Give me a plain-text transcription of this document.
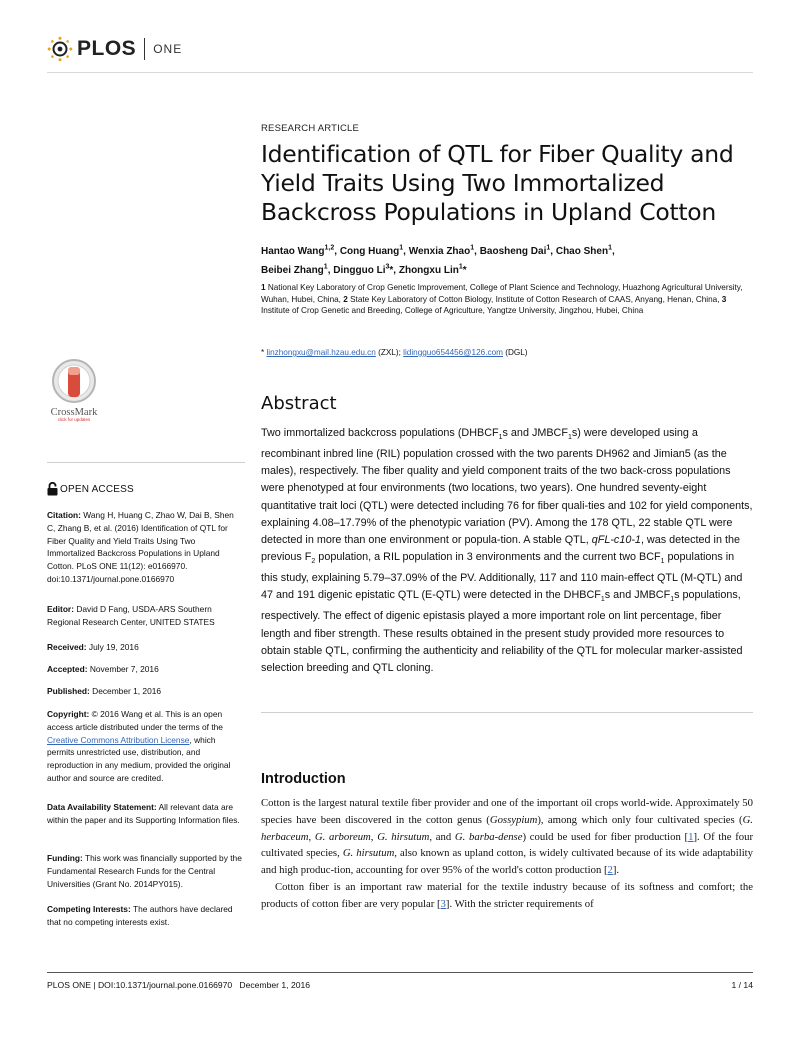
PLOS ONE
RESEARCH ARTICLE
Identification of QTL for Fiber Quality and Yield Traits Using Two Immortalized Backcross Populations in Upland Cotton
Hantao Wang$^{1,2}$, Cong Huang$^1$, Wenxia Zhao$^1$, Baosheng Dai$^1$, Chao Shen$^1$,
Beibei Zhang$^1$, Dingguo Li$^3$*, Zhongxu Lin$^1$*
1 National Key Laboratory of Crop Genetic Improvement, College of Plant Science and Technology, Huazhong Agricultural University, Wuhan, Hubei, China, 2 State Key Laboratory of Cotton Biology, Institute of Cotton Research of CAAS, Anyang, Henan, China, 3 Institute of Crop Genetic and Breeding, College of Agriculture, Yangtze University, Jingzhou, Hubei, China
* linzhongxu@mail.hzau.edu.cn (ZXL); lidingguo654456@126.com (DGL)
Abstract
Two immortalized backcross populations ($DHBCF_1s$ and $JMBCF_1s$) were developed using a recombinant inbred line (RIL) population crossed with the two parents DH962 and Jimian5 (as the males), respectively. The fiber quality and yield component traits of the two back-cross populations were phenotyped at four environments (two locations, two years). One hundred seventy-eight quantitative trait loci (QTL) were detected including 76 for fiber quali-ties and 102 for yield components, explaining 4.08–17.79% of the phenotypic variation (PV). Among the 178 QTL, 22 stable QTL were detected in more than one environment or popula-tion. A stable QTL, qFL-c10-1, was detected in the previous $F_2$ population, a RIL population in 3 environments and the current two $BCF_1$ populations in this study, explaining 5.79–37.09% of the PV. Additionally, 117 and 110 main-effect QTL (M-QTL) and 47 and 191 digenic epistatic QTL (E-QTL) were detected in the $DHBCF_1s$ and $JMBCF_1s$ populations, respectively. The effect of digenic epistasis played a more important role on lint percentage, fiber length and fiber strength. These results obtained in the present study provided more resources to obtain stable QTL, confirming the authenticity and reliability of the QTL for molecular marker-assisted selection breeding and QTL cloning.
Introduction

Cotton is the largest natural textile fiber provider and one of the important oil crops world-wide. Approximately 50 species have been discovered in the cotton genus (Gossypium), among which only four cultivated species (G. herbaceum, G. arboreum, G. hirsutum, and G. barba-dense) could be used for fiber production [1]. Of the four cultivated species, G. hirsutum, also known as upland cotton, is widely cultivated because of its wide adaptability and high produc-tion, accounting for over 95% of the world's cotton production [2].

Cotton fiber is an important raw material for the textile industry because of its softness and comfort; the products of cotton fiber are very popular [3]. With the stricter requirements of

CrossMark
click for updates
OPEN ACCESS
Citation: Wang H, Huang C, Zhao W, Dai B, Shen C, Zhang B, et al. (2016) Identification of QTL for Fiber Quality and Yield Traits Using Two Immortalized Backcross Populations in Upland Cotton. PLoS ONE 11(12): e0166970. doi:10.1371/journal.pone.0166970
Editor: David D Fang, USDA-ARS Southern Regional Research Center, UNITED STATES
Received: July 19, 2016
Accepted: November 7, 2016
Published: December 1, 2016
Copyright: © 2016 Wang et al. This is an open access article distributed under the terms of the Creative Commons Attribution License, which permits unrestricted use, distribution, and reproduction in any medium, provided the original author and source are credited.
Data Availability Statement: All relevant data are within the paper and its Supporting Information files.
Funding: This work was financially supported by the Fundamental Research Funds for the Central Universities (Grant No. 2014PY015).
Competing Interests: The authors have declared that no competing interests exist.
PLOS ONE | DOI:10.1371/journal.pone.0166970   December 1, 2016	1 / 14
